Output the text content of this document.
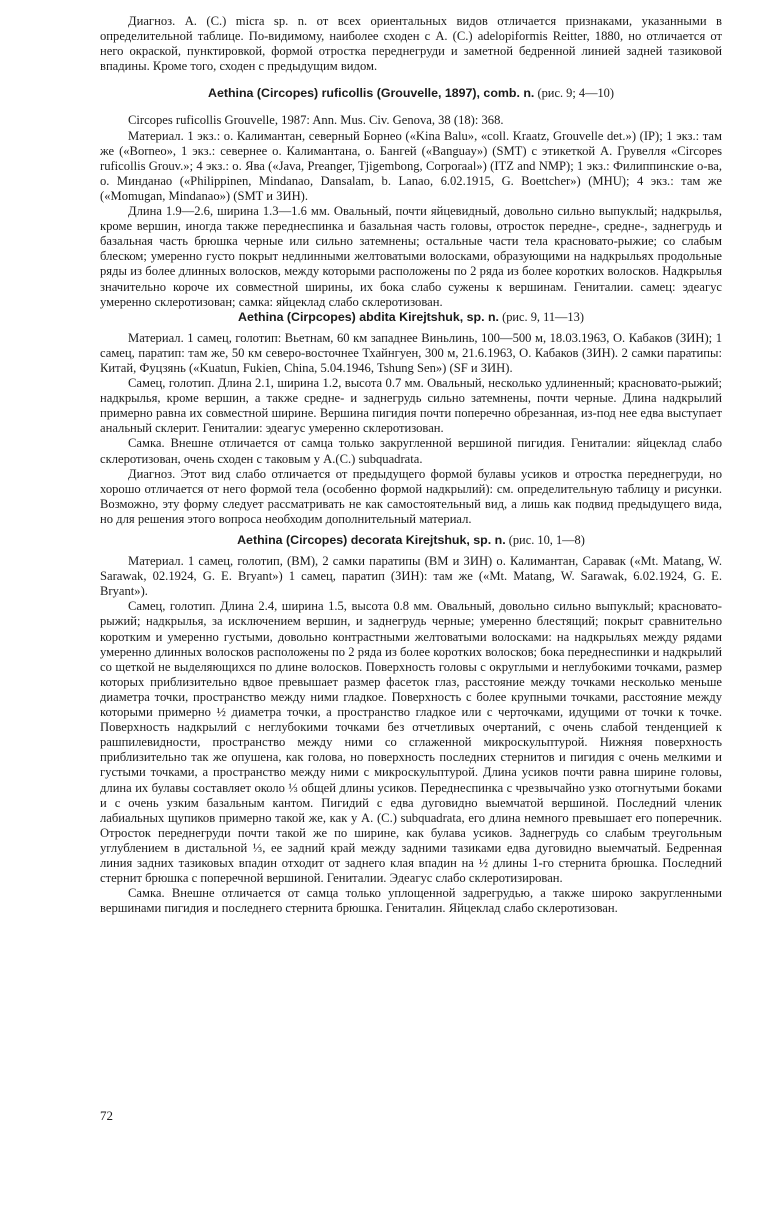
Диагноз. A. (C.) micra sp. n. от всех ориентальных видов отличается признаками, указанными в определительной таблице. По-видимому, наиболее сходен с A. (C.) adelopiformis Reitter, 1880, но отличается от него окраской, пунктировкой, формой отростка переднегруди и заметной бедренной линией задней тазиковой впадины. Кроме того, сходен с предыдущим видом.

Aethina (Circopes) ruficollis (Grouvelle, 1897), comb. n. (рис. 9; 4—10)

Circopes ruficollis Grouvelle, 1987: Ann. Mus. Civ. Genova, 38 (18): 368.

Материал. 1 экз.: о. Калимантан, северный Борнео («Kina Balu», «coll. Kraatz, Grouvelle det.») (IP); 1 экз.: там же («Borneo», 1 экз.: севернее о. Калимантана, о. Бангей («Banguay») (SMT) с этикеткой А. Грувелля «Circopes ruficollis Grouv.»; 4 экз.: о. Ява («Java, Preanger, Tjigembong, Corporaal») (ITZ and NMP); 1 экз.: Филиппинские о-ва, о. Минданао («Philippinen, Mindanao, Dansalam, b. Lanao, 6.02.1915, G. Boettcher») (MHU); 4 экз.: там же («Momugan, Mindanao») (SMT и ЗИН).

Длина 1.9—2.6, ширина 1.3—1.6 мм. Овальный, почти яйцевидный, довольно сильно выпуклый; надкрылья, кроме вершин, иногда также переднеспинка и базальная часть головы, отросток передне-, средне-, заднегрудь и базальная часть брюшка черные или сильно затемнены; остальные части тела красновато-рыжие; со слабым блеском; умеренно густо покрыт недлинными желтоватыми волосками, образующими на надкрыльях продольные ряды из более длинных волосков, между которыми расположены по 2 ряда из более коротких волосков. Надкрылья значительно короче их совместной ширины, их бока слабо сужены к вершинам. Гениталии. самец: эдеагус умеренно склеротизован; самка: яйцеклад слабо склеротизован.

Aethina (Cirpcopes) abdita Kirejtshuk, sp. n. (рис. 9, 11—13)

Материал. 1 самец, голотип: Вьетнам, 60 км западнее Виньлинь, 100—500 м, 18.03.1963, О. Кабаков (ЗИН); 1 самец, паратип: там же, 50 км северо-восточнее Тхайнгуен, 300 м, 21.6.1963, О. Кабаков (ЗИН). 2 самки паратипы: Китай, Фуцзянь («Kuatun, Fukien, China, 5.04.1946, Tshung Sen») (SF и ЗИН).

Самец, голотип. Длина 2.1, ширина 1.2, высота 0.7 мм. Овальный, несколько удлиненный; красновато-рыжий; надкрылья, кроме вершин, а также средне- и заднегрудь сильно затемнены, почти черные. Длина надкрылий примерно равна их совместной ширине. Вершина пигидия почти поперечно обрезанная, из-под нее едва выступает анальный склерит. Гениталии: эдеагус умеренно склеротизован.

Самка. Внешне отличается от самца только закругленной вершиной пигидия. Гениталии: яйцеклад слабо склеротизован, очень сходен с таковым у A.(C.) subquadrata.

Диагноз. Этот вид слабо отличается от предыдущего формой булавы усиков и отростка переднегруди, но хорошо отличается от него формой тела (особенно формой надкрылий): см. определительную таблицу и рисунки. Возможно, эту форму следует рассматривать не как самостоятельный вид, а лишь как подвид предыдущего вида, но для решения этого вопроса необходим дополнительный материал.

Aethina (Circopes) decorata Kirejtshuk, sp. n. (рис. 10, 1—8)

Материал. 1 самец, голотип, (BM), 2 самки паратипы (BM и ЗИН) о. Калимантан, Саравак («Mt. Matang, W. Sarawak, 02.1924, G. E. Bryant») 1 самец, паратип (ЗИН): там же («Mt. Matang, W. Sarawak, 6.02.1924, G. E. Bryant»).

Самец, голотип. Длина 2.4, ширина 1.5, высота 0.8 мм. Овальный, довольно сильно выпуклый; красновато-рыжий; надкрылья, за исключением вершин, и заднегрудь черные; умеренно блестящий; покрыт сравнительно коротким и умеренно густыми, довольно контрастными желтоватыми волосками: на надкрыльях между рядами умеренно длинных волосков расположены по 2 ряда из более коротких волосков; бока переднеспинки и надкрылий со щеткой не выделяющихся по длине волосков. Поверхность головы с округлыми и неглубокими точками, размер которых приблизительно вдвое превышает размер фасеток глаз, расстояние между точками несколько меньше диаметра точки, пространство между ними гладкое. Поверхность с более крупными точками, расстояние между которыми примерно ½ диаметра точки, а пространство гладкое или с черточками, идущими от точки к точке. Поверхность надкрылий с неглубокими точками без отчетливых очертаний, с очень слабой тенденцией к рашпилевидности, пространство между ними со сглаженной микроскульптурой. Нижняя поверхность приблизительно так же опушена, как голова, но поверхность последних стернитов и пигидия с очень мелкими и густыми точками, а пространство между ними с микроскульптурой. Длина усиков почти равна ширине головы, длина их булавы составляет около ⅓ общей длины усиков. Переднеспинка с чрезвычайно узко отогнутыми боками и с очень узким базальным кантом. Пигидий с едва дуговидно выемчатой вершиной. Последний членик лабиальных щупиков примерно такой же, как у A. (C.) subquadrata, его длина немного превышает его поперечник. Отросток переднегруди почти такой же по ширине, как булава усиков. Заднегрудь со слабым треугольным углублением в дистальной ⅓, ее задний край между задними тазиками едва дуговидно выемчатый. Бедренная линия задних тазиковых впадин отходит от заднего клая впадин на ½ длины 1-го стернита брюшка. Последний стернит брюшка с поперечной вершиной. Гениталии. Эдеагус слабо склеротизирован.

Самка. Внешне отличается от самца только уплощенной задрегрудью, а также широко закругленными вершинами пигидия и последнего стернита брюшка. Гениталин. Яйцеклад слабо склеротизован.

72
